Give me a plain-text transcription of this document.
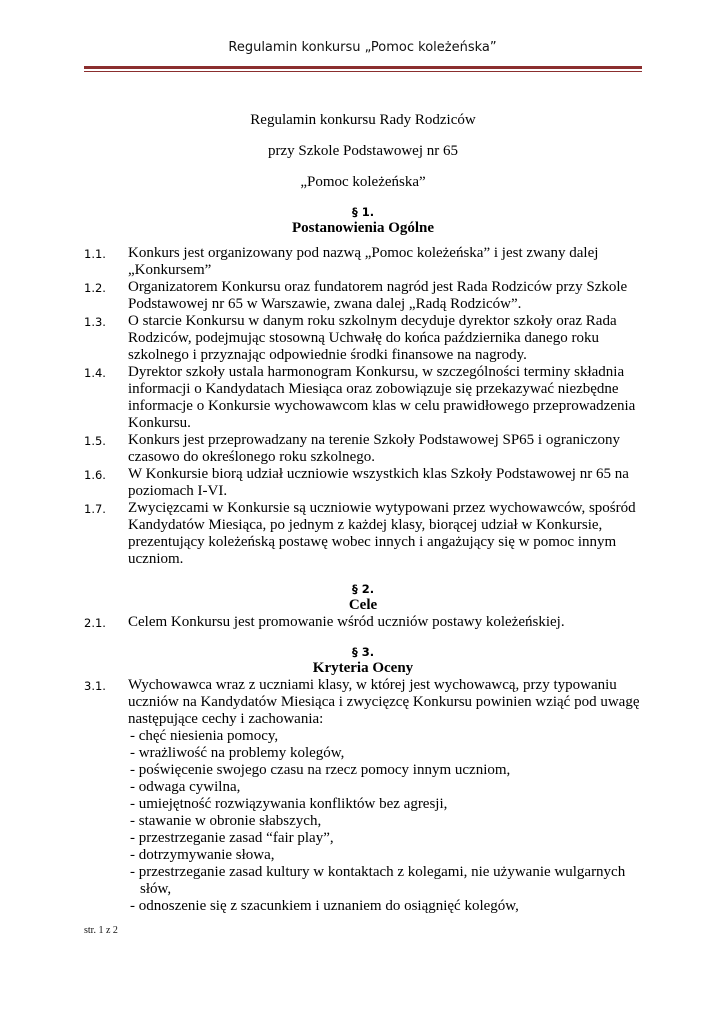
Regulamin konkursu „Pomoc koleżeńska”
Regulamin konkursu Rady Rodziców
przy Szkole Podstawowej nr 65
„Pomoc koleżeńska”
§ 1.
Postanowienia Ogólne
1.1. Konkurs jest organizowany pod nazwą „Pomoc koleżeńska” i jest zwany dalej „Konkursem”
1.2. Organizatorem Konkursu oraz fundatorem nagród jest Rada Rodziców przy Szkole Podstawowej nr 65 w Warszawie, zwana dalej „Radą Rodziców”.
1.3. O starcie Konkursu w danym roku szkolnym decyduje dyrektor szkoły oraz Rada Rodziców, podejmując stosowną Uchwałę do końca października danego roku szkolnego i przyznając odpowiednie środki finansowe na nagrody.
1.4. Dyrektor szkoły ustala harmonogram Konkursu, w szczególności terminy składnia informacji o Kandydatach Miesiąca oraz zobowiązuje się przekazywać niezbędne informacje o Konkursie wychowawcom klas w celu prawidłowego przeprowadzenia Konkursu.
1.5. Konkurs jest przeprowadzany na terenie Szkoły Podstawowej SP65 i ograniczony czasowo do określonego roku szkolnego.
1.6. W Konkursie biorą udział uczniowie wszystkich klas Szkoły Podstawowej nr 65 na poziomach I-VI.
1.7. Zwycięzcami w Konkursie są uczniowie wytypowani przez wychowawców, spośród Kandydatów Miesiąca, po jednym z każdej klasy, biorącej udział w Konkursie, prezentujący koleżeńską postawę wobec innych i angażujący się w pomoc innym uczniom.
§ 2.
Cele
2.1. Celem Konkursu jest promowanie wśród uczniów postawy koleżeńskiej.
§ 3.
Kryteria Oceny
3.1. Wychowawca wraz z uczniami klasy, w której jest wychowawcą, przy typowaniu uczniów na Kandydatów Miesiąca i zwycięzcę Konkursu powinien wziąć pod uwagę następujące cechy i zachowania:
- chęć niesienia pomocy,
- wrażliwość na problemy kolegów,
- poświęcenie swojego czasu na rzecz pomocy innym uczniom,
- odwaga cywilna,
- umiejętność rozwiązywania konfliktów bez agresji,
- stawanie w obronie słabszych,
- przestrzeganie zasad “fair play”,
- dotrzymywanie słowa,
- przestrzeganie zasad kultury w kontaktach z kolegami, nie używanie wulgarnych słów,
- odnoszenie się z szacunkiem i uznaniem do osiągnięć kolegów,
str. 1 z 2
